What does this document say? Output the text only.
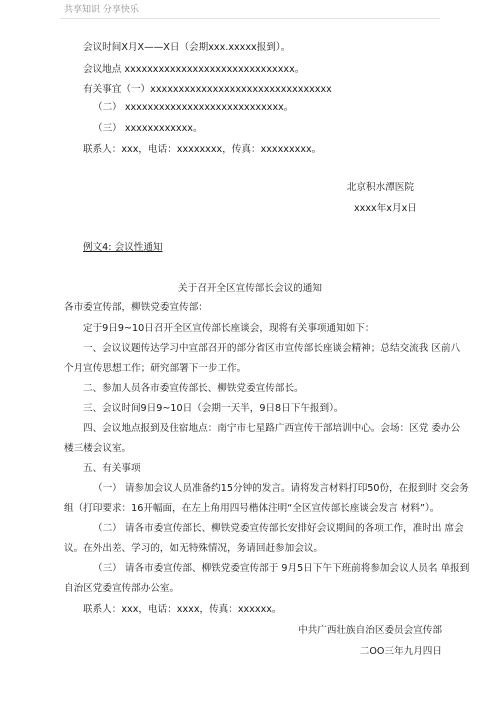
共享知识 分享快乐
会议时间X月X——X日（会期xxx.xxxxx报到）。
会议地点 xxxxxxxxxxxxxxxxxxxxxxxxxxxxxx。
有关事宜（一）xxxxxxxxxxxxxxxxxxxxxxxxxxxxxxxx
（二） xxxxxxxxxxxxxxxxxxxxxxxxxxxx。
（三） xxxxxxxxxxxx。
联系人：xxx，电话：xxxxxxxx，传真：xxxxxxxxx。
北京积水潭医院
xxxx年x月x日
例文4: 会议性通知
关于召开全区宣传部长会议的通知
各市委宣传部，柳铁党委宣传部：
定于9日9~10日召开全区宣传部长座谈会，现将有关事项通知如下：
一、会议议题传达学习中宣部召开的部分省区市宣传部长座谈会精神；总结交流我 区前八
个月宣传思想工作；研究部署下一步工作。
二、参加人员各市委宣传部长、柳铁党委宣传部长。
三、会议时间9日9~10日（会期一天半，9日8日下午报到）。
四、会议地点报到及住宿地点：南宁市七星路广西宣传干部培训中心。会场：区党 委办公
楼三楼会议室。
五、有关事项
（一） 请参加会议人员准备约15分钟的发言。请将发言材料打印50份，在报到时 交会务
组（打印要求：16开幅面，在左上角用四号楷体注明“全区宣传部长座谈会发言 材料”）。
（二） 请各市委宣传部长、柳铁党委宣传部长安排好会议期间的各项工作，准时出 席会
议。在外出差、学习的，如无特殊情况，务请回赶参加会议。
（三） 请各市委宣传部、柳铁党委宣传部于 9月5日下午下班前将参加会议人员名 单报到
自治区党委宣传部办公室。
联系人：xxx，电话：xxxx，传真：xxxxxx。
中共广西壮族自治区委员会宣传部
二OO三年九月四日
